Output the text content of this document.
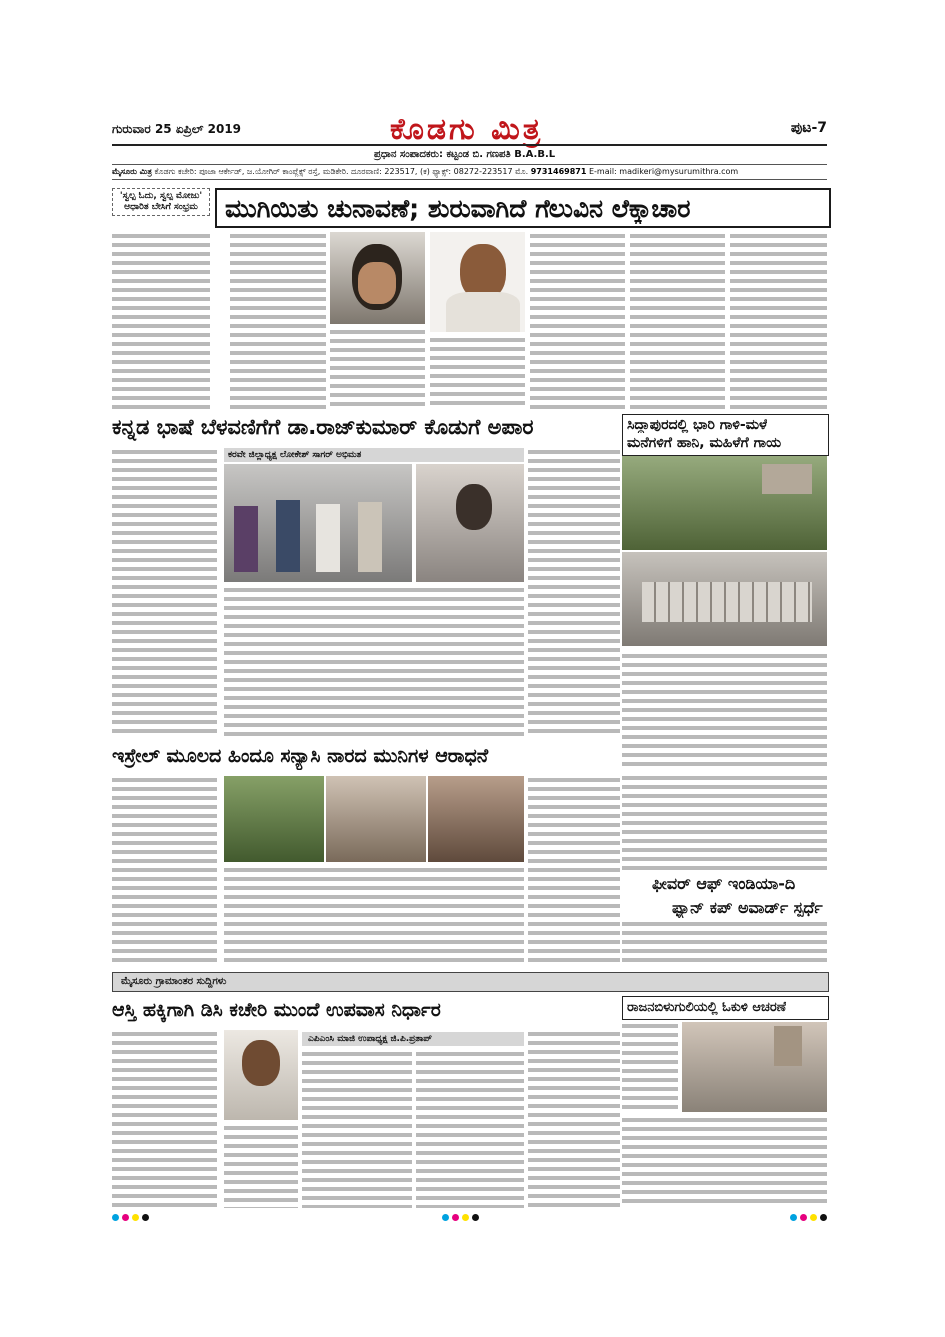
ಗುರುವಾರ 25 ಏಪ್ರಿಲ್ 2019	ಕೊಡಗು ಮಿತ್ರ
ಪ್ರಧಾನ ಸಂಪಾದಕರು: ಕಟ್ಟಂಡ ಬಿ. ಗಣಪತಿ B.A.B.L
ಪುಟ-7
ಮೈಸೂರು ಮಿತ್ರ ಕೊಡಗು ಕಚೇರಿ: ಪೂಜಾ ಆರ್ಕೇಡ್, ಜ.ಯೋಗಿರ್ ಕಾಂಪ್ಲೆಕ್ಸ್ ರಸ್ತೆ, ಮಡಿಕೇರಿ. ದೂರವಾಣಿ: 223517, (ಕ) ಫ್ಯಾಕ್ಸ್: 08272-223517 ಮೊ. 9731469871 E-mail: madikeri@mysurumithra.com
'ಸ್ವಲ್ಪ ಓದು, ಸ್ವಲ್ಪ ಮೋಜು' ಆಧಾರಿತ ಬೇಸಿಗೆ ಸಂಭ್ರಮ	ಮುಗಿಯಿತು ಚುನಾವಣೆ; ಶುರುವಾಗಿದೆ ಗೆಲುವಿನ ಲೆಕ್ಕಾಚಾರ
ಕನ್ನಡ ಭಾಷೆ ಬೆಳವಣಿಗೆಗೆ ಡಾ.ರಾಜ್‌ಕುಮಾರ್ ಕೊಡುಗೆ ಅಪಾರ
ಕರವೇ ಜಿಲ್ಲಾಧ್ಯಕ್ಷ ಲೋಕೇಶ್ ಸಾಗರ್ ಅಭಿಮತ
ಸಿದ್ದಾಪುರದಲ್ಲಿ ಭಾರಿ ಗಾಳಿ-ಮಳೆ
ಮನೆಗಳಿಗೆ ಹಾನಿ, ಮಹಿಳೆಗೆ ಗಾಯ
ಇಸ್ರೇಲ್ ಮೂಲದ ಹಿಂದೂ ಸನ್ಯಾಸಿ ನಾರದ ಮುನಿಗಳ ಆರಾಧನೆ
ಫೀವರ್ ಆಫ್ ಇಂಡಿಯಾ-ದಿ
ಫ್ಯಾನ್ ಕಪ್ ಅವಾರ್ಡ್ ಸ್ಪರ್ಧೆ
ಮೈಸೂರು ಗ್ರಾಮಾಂತರ ಸುದ್ದಿಗಳು
ಆಸ್ತಿ ಹಕ್ಕಿಗಾಗಿ ಡಿಸಿ ಕಚೇರಿ ಮುಂದೆ ಉಪವಾಸ ನಿರ್ಧಾರ
ಎಪಿಎಂಸಿ ಮಾಜಿ ಉಪಾಧ್ಯಕ್ಷ ಜಿ.ಪಿ.ಪ್ರತಾಪ್
ರಾಜನಬಿಳುಗುಲಿಯಲ್ಲಿ ಓಕುಳಿ ಆಚರಣೆ
